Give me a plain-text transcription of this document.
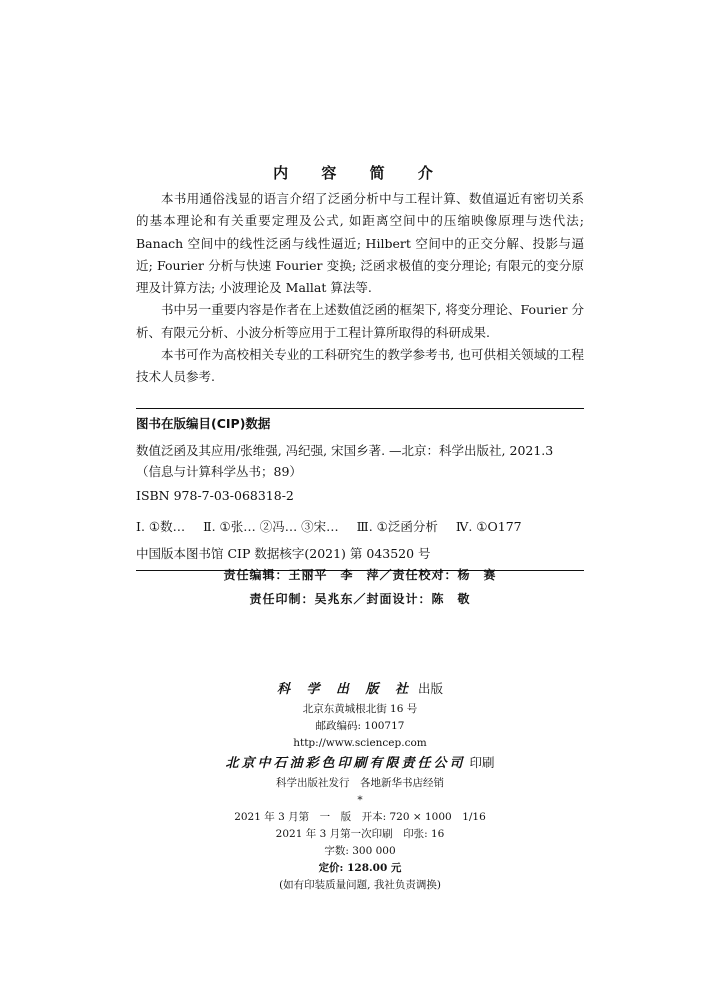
内 容 简 介

本书用通俗浅显的语言介绍了泛函分析中与工程计算、数值逼近有密切关系的基本理论和有关重要定理及公式, 如距离空间中的压缩映像原理与迭代法; Banach 空间中的线性泛函与线性逼近; Hilbert 空间中的正交分解、投影与逼近; Fourier 分析与快速 Fourier 变换; 泛函求极值的变分理论; 有限元的变分原理及计算方法; 小波理论及 Mallat 算法等.

书中另一重要内容是作者在上述数值泛函的框架下, 将变分理论、Fourier 分析、有限元分析、小波分析等应用于工程计算所取得的科研成果.

本书可作为高校相关专业的工科研究生的教学参考书, 也可供相关领域的工程技术人员参考.

图书在版编目(CIP)数据
数值泛函及其应用/张维强, 冯纪强, 宋国乡著. —北京：科学出版社, 2021.3
（信息与计算科学丛书；89）
ISBN 978-7-03-068318-2
Ⅰ. ①数… Ⅱ. ①张… ②冯… ③宋… Ⅲ. ①泛函分析 Ⅳ. ①O177
中国版本图书馆 CIP 数据核字(2021) 第 043520 号
责任编辑：王丽平　李　萍／责任校对：杨　赛
责任印制：吴兆东／封面设计：陈　敬
科 学 出 版 社 出版
北京东黄城根北街 16 号
邮政编码: 100717
http://www.sciencep.com
北京中石油彩色印刷有限责任公司 印刷
科学出版社发行　各地新华书店经销
*
2021 年 3 月第　一　版　开本: 720 × 1000　1/16
2021 年 3 月第一次印刷　印张: 16
字数: 300 000
定价: 128.00 元
(如有印装质量问题, 我社负责调换)
